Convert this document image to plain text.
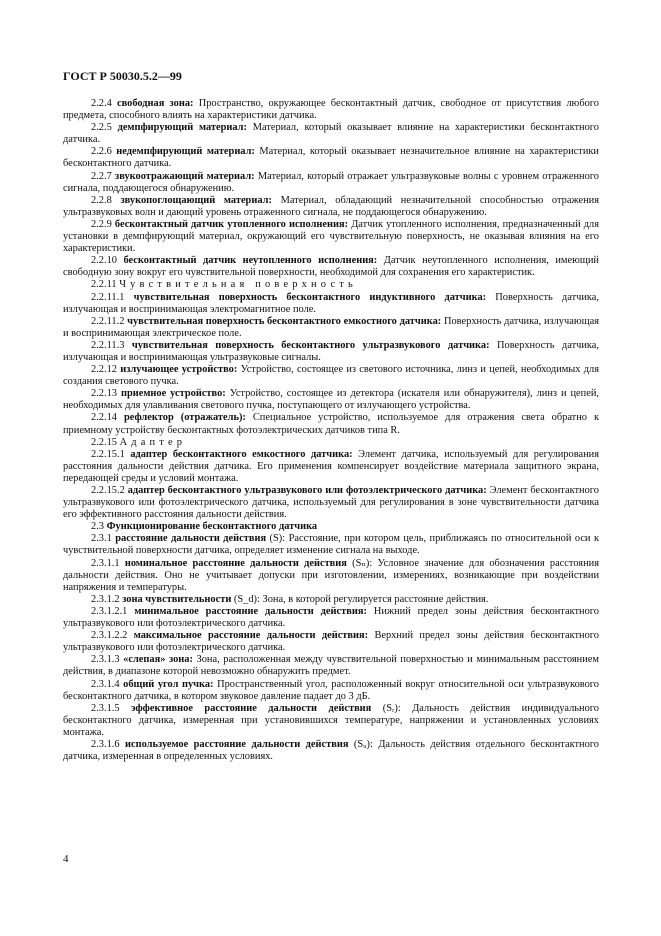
ГОСТ Р 50030.5.2—99

2.2.4 свободная зона: Пространство, окружающее бесконтактный датчик, свободное от присутствия любого предмета, способного влиять на характеристики датчика.

2.2.5 демпфирующий материал: Материал, который оказывает влияние на характеристики бесконтактного датчика.

2.2.6 недемпфирующий материал: Материал, который оказывает незначительное влияние на характеристики бесконтактного датчика.

2.2.7 звукоотражающий материал: Материал, который отражает ультразвуковые волны с уровнем отраженного сигнала, поддающегося обнаружению.

2.2.8 звукопоглощающий материал: Материал, обладающий незначительной способностью отражения ультразвуковых волн и дающий уровень отраженного сигнала, не поддающегося обнаружению.

2.2.9 бесконтактный датчик утопленного исполнения: Датчик утопленного исполнения, предназначенный для установки в демпфирующий материал, окружающий его чувствительную поверхность, не оказывая влияния на его характеристики.

2.2.10 бесконтактный датчик неутопленного исполнения: Датчик неутопленного исполнения, имеющий свободную зону вокруг его чувствительной поверхности, необходимой для сохранения его характеристик.

2.2.11 Чувствительная поверхность

2.2.11.1 чувствительная поверхность бесконтактного индуктивного датчика: Поверхность датчика, излучающая и воспринимающая электромагнитное поле.

2.2.11.2 чувствительная поверхность бесконтактного емкостного датчика: Поверхность датчика, излучающая и воспринимающая электрическое поле.

2.2.11.3 чувствительная поверхность бесконтактного ультразвукового датчика: Поверхность датчика, излучающая и воспринимающая ультразвуковые сигналы.

2.2.12 излучающее устройство: Устройство, состоящее из светового источника, линз и цепей, необходимых для создания светового пучка.

2.2.13 приемное устройство: Устройство, состоящее из детектора (искателя или обнаружителя), линз и цепей, необходимых для улавливания светового пучка, поступающего от излучающего устройства.

2.2.14 рефлектор (отражатель): Специальное устройство, используемое для отражения света обратно к приемному устройству бесконтактных фотоэлектрических датчиков типа R.

2.2.15 Адаптер

2.2.15.1 адаптер бесконтактного емкостного датчика: Элемент датчика, используемый для регулирования расстояния дальности действия датчика. Его применения компенсирует воздействие материала защитного экрана, передающей среды и условий монтажа.

2.2.15.2 адаптер бесконтактного ультразвукового или фотоэлектрического датчика: Элемент бесконтактного ультразвукового или фотоэлектрического датчика, используемый для регулирования в зоне чувствительности датчика его эффективного расстояния дальности действия.

2.3 Функционирование бесконтактного датчика

2.3.1 расстояние дальности действия (S): Расстояние, при котором цель, приближаясь по относительной оси к чувствительной поверхности датчика, определяет изменение сигнала на выходе.

2.3.1.1 номинальное расстояние дальности действия (Sₙ): Условное значение для обозначения расстояния дальности действия. Оно не учитывает допуски при изготовлении, измерениях, возникающие при воздействии напряжения и температуры.

2.3.1.2 зона чувствительности (S_d): Зона, в которой регулируется расстояние действия.

2.3.1.2.1 минимальное расстояние дальности действия: Нижний предел зоны действия бесконтактного ультразвукового или фотоэлектрического датчика.

2.3.1.2.2 максимальное расстояние дальности действия: Верхний предел зоны действия бесконтактного ультразвукового или фотоэлектрического датчика.

2.3.1.3 «слепая» зона: Зона, расположенная между чувствительной поверхностью и минимальным расстоянием действия, в диапазоне которой невозможно обнаружить предмет.

2.3.1.4 общий угол пучка: Пространственный угол, расположенный вокруг относительной оси ультразвукового бесконтактного датчика, в котором звуковое давление падает до 3 дБ.

2.3.1.5 эффективное расстояние дальности действия (Sᵣ): Дальность действия индивидуального бесконтактного датчика, измеренная при установившихся температуре, напряжении и установленных условиях монтажа.

2.3.1.6 используемое расстояние дальности действия (Sᵤ): Дальность действия отдельного бесконтактного датчика, измеренная в определенных условиях.

4
